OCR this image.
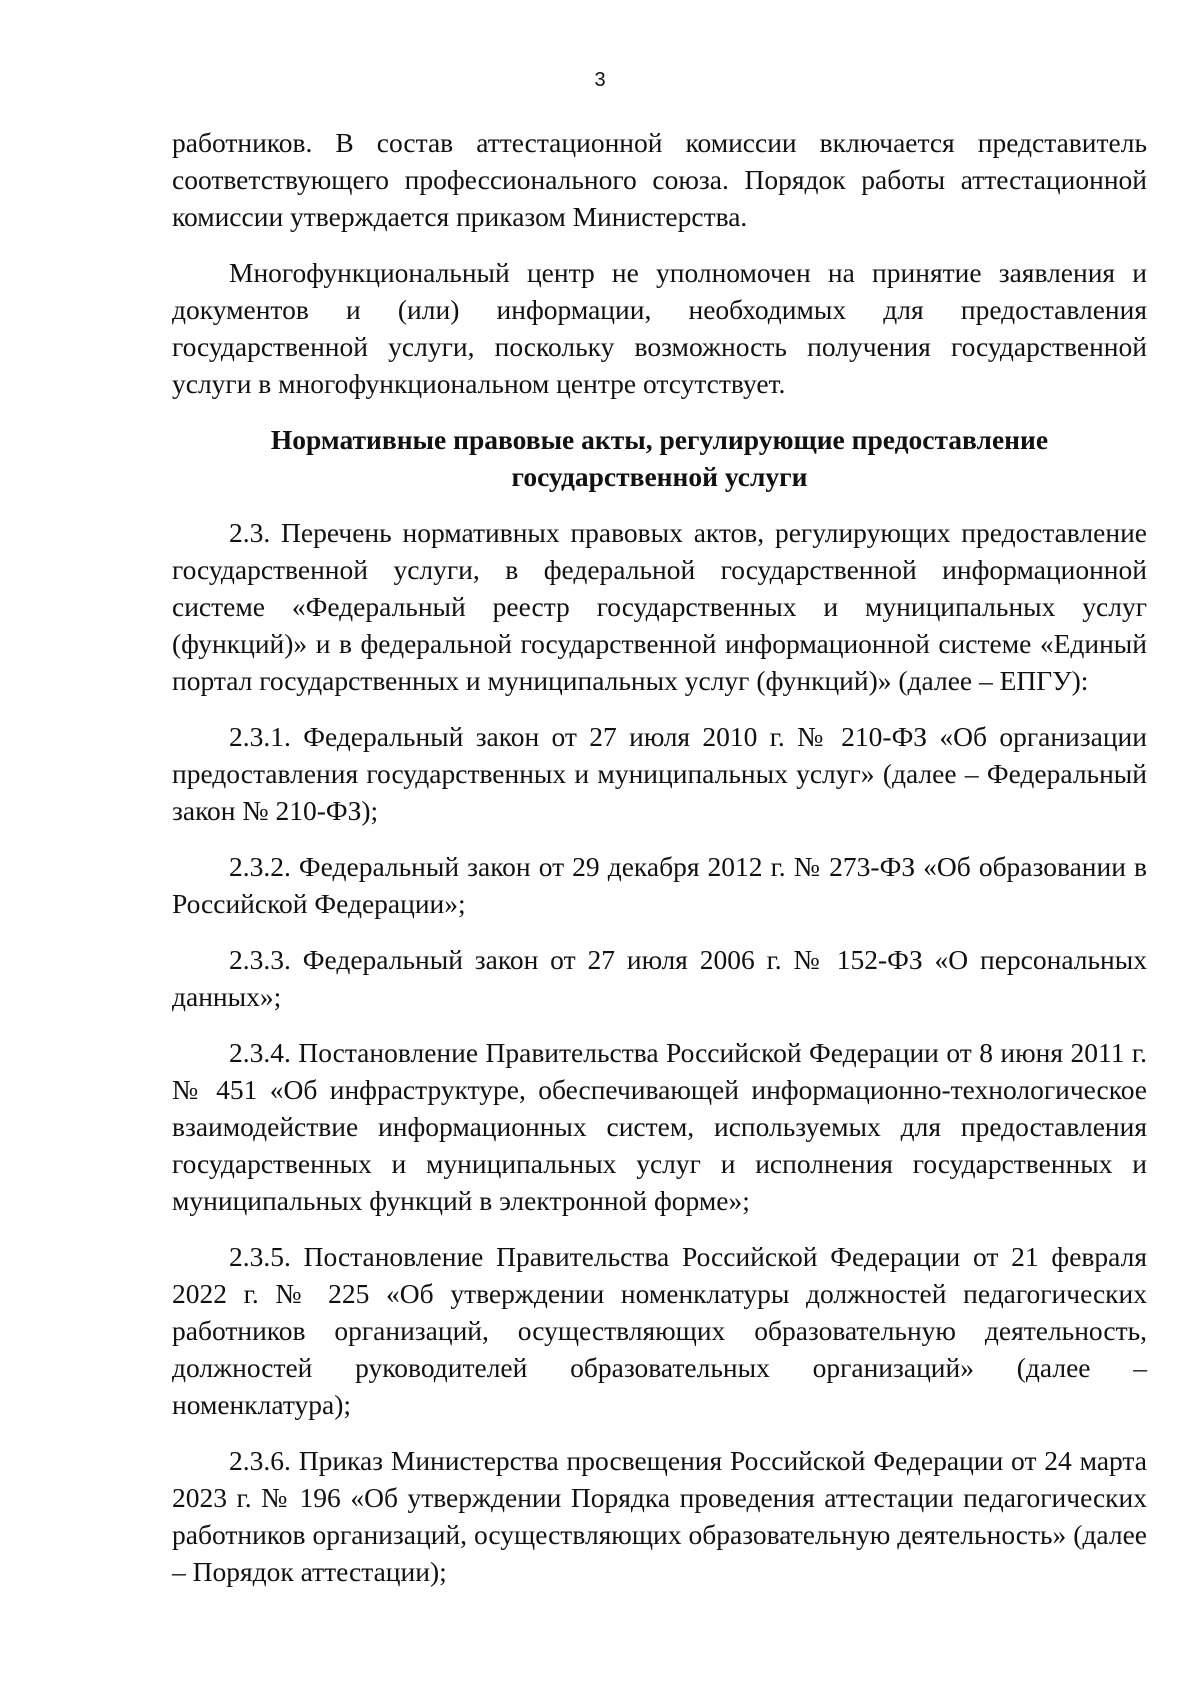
3

работников. В состав аттестационной комиссии включается представитель соответствующего профессионального союза. Порядок работы аттестационной комиссии утверждается приказом Министерства.

Многофункциональный центр не уполномочен на принятие заявления и документов и (или) информации, необходимых для предоставления государственной услуги, поскольку возможность получения государственной услуги в многофункциональном центре отсутствует.

Нормативные правовые акты, регулирующие предоставление
государственной услуги

2.3. Перечень нормативных правовых актов, регулирующих предоставление государственной услуги, в федеральной государственной информационной системе «Федеральный реестр государственных и муниципальных услуг (функций)» и в федеральной государственной информационной системе «Единый портал государственных и муниципальных услуг (функций)» (далее – ЕПГУ):

2.3.1. Федеральный закон от 27 июля 2010 г. № 210-ФЗ «Об организации предоставления государственных и муниципальных услуг» (далее – Федеральный закон № 210-ФЗ);

2.3.2. Федеральный закон от 29 декабря 2012 г. № 273-ФЗ «Об образовании в Российской Федерации»;

2.3.3. Федеральный закон от 27 июля 2006 г. № 152-ФЗ «О персональных данных»;

2.3.4. Постановление Правительства Российской Федерации от 8 июня 2011 г. № 451 «Об инфраструктуре, обеспечивающей информационно-технологическое взаимодействие информационных систем, используемых для предоставления государственных и муниципальных услуг и исполнения государственных и муниципальных функций в электронной форме»;

2.3.5. Постановление Правительства Российской Федерации от 21 февраля 2022 г. № 225 «Об утверждении номенклатуры должностей педагогических работников организаций, осуществляющих образовательную деятельность, должностей руководителей образовательных организаций» (далее – номенклатура);

2.3.6. Приказ Министерства просвещения Российской Федерации от 24 марта 2023 г. № 196 «Об утверждении Порядка проведения аттестации педагогических работников организаций, осуществляющих образовательную деятельность» (далее – Порядок аттестации);
